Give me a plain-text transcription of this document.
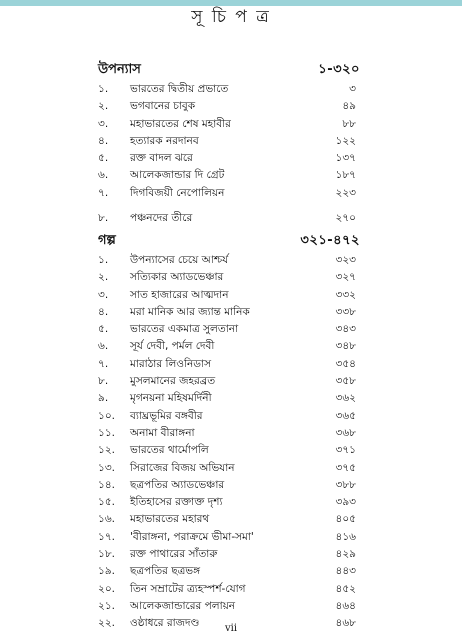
সূ চি প ত্র
উপন্যাস	১-৩২০
১. ভারতের দ্বিতীয় প্রভাতে	৩
২. ভগবানের চাবুক	৪৯
৩. মহাভারতের শেষ মহাবীর	৮৮
৪. হত্যারক নরদানব	১২২
৫. রক্ত বাদল ঝরে	১৩৭
৬. আলেকজান্ডার দি গ্রেট	১৮৭
৭. দিগবিজয়ী নেপোলিয়ন	২২৩
৮. পঞ্চনদের তীরে	২৭০
গল্প	৩২১-৪৭২
১. উপন্যাসের চেয়ে আশ্চর্য	৩২৩
২. সত্যিকার অ্যাডভেঞ্চার	৩২৭
৩. সাত হাজারের আত্মদান	৩৩২
৪. মরা মানিক আর জ্যান্ত মানিক	৩৩৮
৫. ভারতের একমাত্র সুলতানা	৩৪৩
৬. সূর্য দেবী, পর্মল দেবী	৩৪৮
৭. মারাঠার লিওনিডাস	৩৫৪
৮. মুসলমানের জহরব্রত	৩৫৮
৯. মৃগনয়না মহিষমর্দিনী	৩৬২
১০. ব্যাঘ্রভূমির বঙ্গবীর	৩৬৫
১১. অনামা বীরাঙ্গনা	৩৬৮
১২. ভারতের থার্মোপলি	৩৭১
১৩. সিরাজের বিজয় অভিযান	৩৭৫
১৪. ছত্রপতির অ্যাডভেঞ্চার	৩৮৮
১৫. ইতিহাসের রক্তাক্ত দৃশ্য	৩৯৩
১৬. মহাভারতের মহারথ	৪০৫
১৭. 'বীরাঙ্গনা, পরাক্রমে ভীমা-সমা'	৪১৬
১৮. রক্ত পাথারের সাঁতারু	৪২৯
১৯. ছত্রপতির ছত্রভঙ্গ	৪৪৩
২০. তিন সম্রাটের ত্র্যহস্পর্শ-যোগ	৪৫২
২১. আলেকজান্ডারের পলায়ন	৪৬৪
২২. ওষ্ঠাধরে রাজদণ্ড	৪৬৮
vii
